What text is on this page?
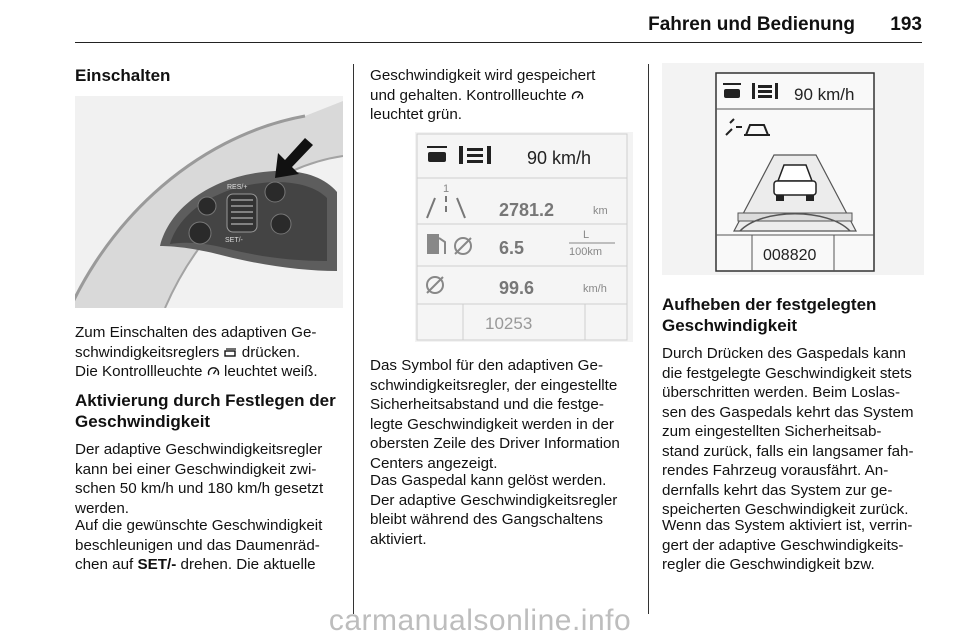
Fahren und Bedienung 193
Einschalten
RES/+
SET/-

Zum Einschalten des adaptiven Ge-
schwindigkeitsreglers  drücken.
Die Kontrollleuchte  leuchtet weiß.

Aktivierung durch Festlegen der
Geschwindigkeit

Der adaptive Geschwindigkeitsregler
kann bei einer Geschwindigkeit zwi-
schen 50 km/h und 180 km/h gesetzt
werden.

Auf die gewünschte Geschwindigkeit
beschleunigen und das Daumenräd-
chen auf SET/- drehen. Die aktuelle

Geschwindigkeit wird gespeichert
und gehalten. Kontrollleuchte
leuchtet grün.

90 km/h
1
2781.2	km
6.5
L
100km
99.6	km/h
10253

Das Symbol für den adaptiven Ge-
schwindigkeitsregler, der eingestellte
Sicherheitsabstand und die festge-
legte Geschwindigkeit werden in der
obersten Zeile des Driver Information
Centers angezeigt.

Das Gaspedal kann gelöst werden.
Der adaptive Geschwindigkeitsregler
bleibt während des Gangschaltens
aktiviert.

90 km/h
008820
Aufheben der festgelegten
Geschwindigkeit

Durch Drücken des Gaspedals kann
die festgelegte Geschwindigkeit stets
überschritten werden. Beim Loslas-
sen des Gaspedals kehrt das System
zum eingestellten Sicherheitsab-
stand zurück, falls ein langsamer fah-
rendes Fahrzeug vorausfährt. An-
dernfalls kehrt das System zur ge-
speicherten Geschwindigkeit zurück.

Wenn das System aktiviert ist, verrin-
gert der adaptive Geschwindigkeits-
regler die Geschwindigkeit bzw.

carmanualsonline.info
